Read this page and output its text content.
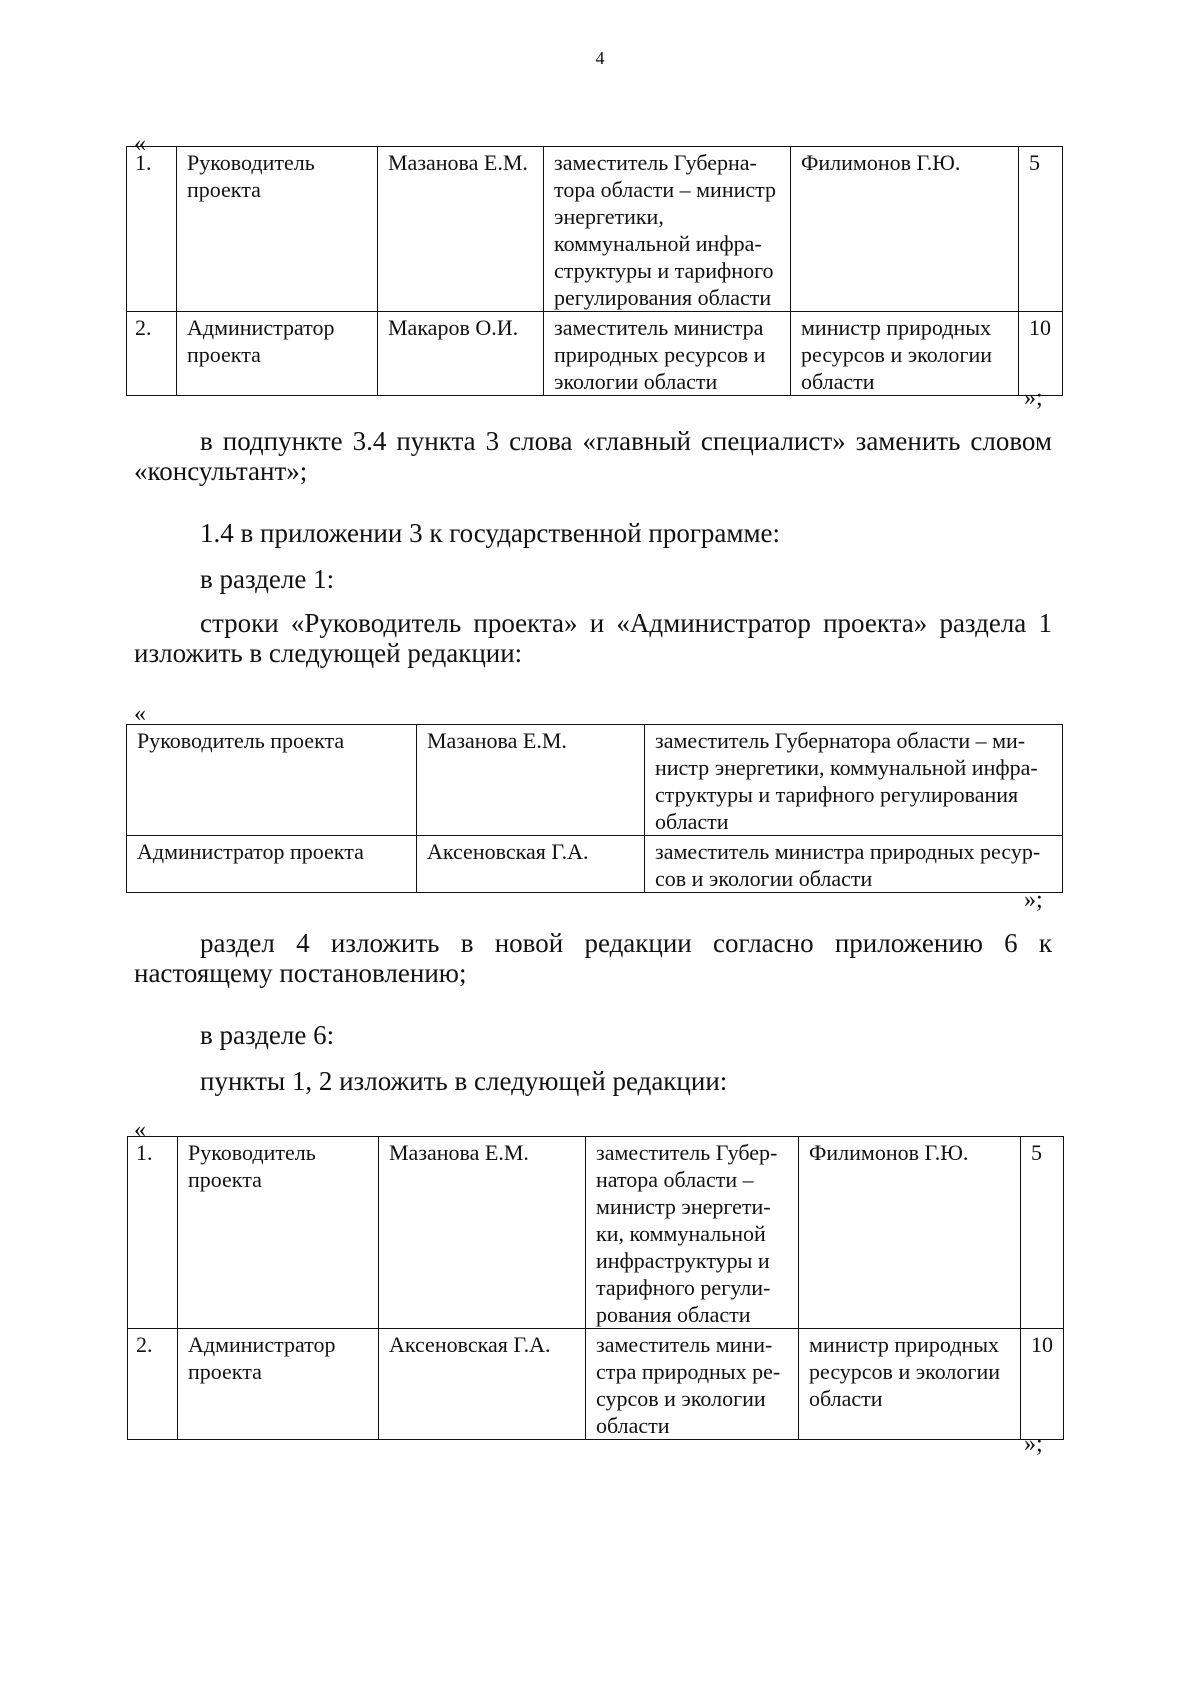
4
«
1.	Руководитель проекта	Мазанова Е.М.	заместитель Губернатора области – министр энергетики, коммунальной инфраструктуры и тарифного регулирования области	Филимонов Г.Ю.	5
2.	Администратор проекта	Макаров О.И.	заместитель министра природных ресурсов и экологии области	министр природных ресурсов и экологии области	10
»;
в подпункте 3.4 пункта 3 слова «главный специалист» заменить словом «консультант»;
1.4 в приложении 3 к государственной программе:
в разделе 1:
строки «Руководитель проекта» и «Администратор проекта» раздела 1 изложить в следующей редакции:
«
Руководитель проекта	Мазанова Е.М.	заместитель Губернатора области – министр энергетики, коммунальной инфраструктуры и тарифного регулирования области
Администратор проекта	Аксеновская Г.А.	заместитель министра природных ресурсов и экологии области
»;
раздел 4 изложить в новой редакции согласно приложению 6 к настоящему постановлению;
в разделе 6:
пункты 1, 2 изложить в следующей редакции:
«
1.	Руководитель проекта	Мазанова Е.М.	заместитель Губернатора области – министр энергетики, коммунальной инфраструктуры и тарифного регулирования области	Филимонов Г.Ю.	5
2.	Администратор проекта	Аксеновская Г.А.	заместитель министра природных ресурсов и экологии области	министр природных ресурсов и экологии области	10
»;
